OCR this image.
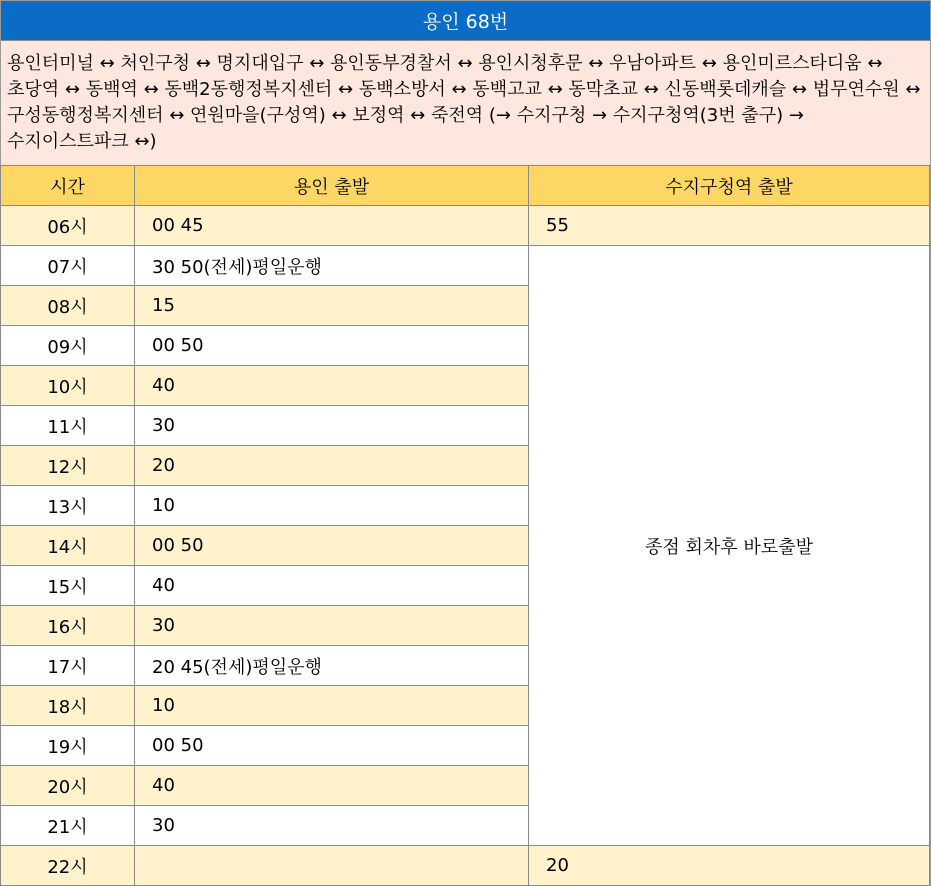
용인 68번
용인터미널 ↔ 처인구청 ↔ 명지대입구 ↔ 용인동부경찰서 ↔ 용인시청후문 ↔ 우남아파트 ↔ 용인미르스타디움 ↔ 초당역 ↔ 동백역 ↔ 동백2동행정복지센터 ↔ 동백소방서 ↔ 동백고교 ↔ 동막초교 ↔ 신동백롯데캐슬 ↔ 법무연수원 ↔ 구성동행정복지센터 ↔ 연원마을(구성역) ↔ 보정역 ↔ 죽전역 (→ 수지구청 → 수지구청역(3번 출구) → 수지이스트파크 ↔)
시간	용인 출발	수지구청역 출발
06시	00 45	55
07시	30 50(전세)평일운행	종점 회차후 바로출발
08시	15	
09시	00 50	
10시	40	
11시	30	
12시	20	
13시	10	
14시	00 50	
15시	40	
16시	30	
17시	20 45(전세)평일운행	
18시	10	
19시	00 50	
20시	40	
21시	30	
22시		20
